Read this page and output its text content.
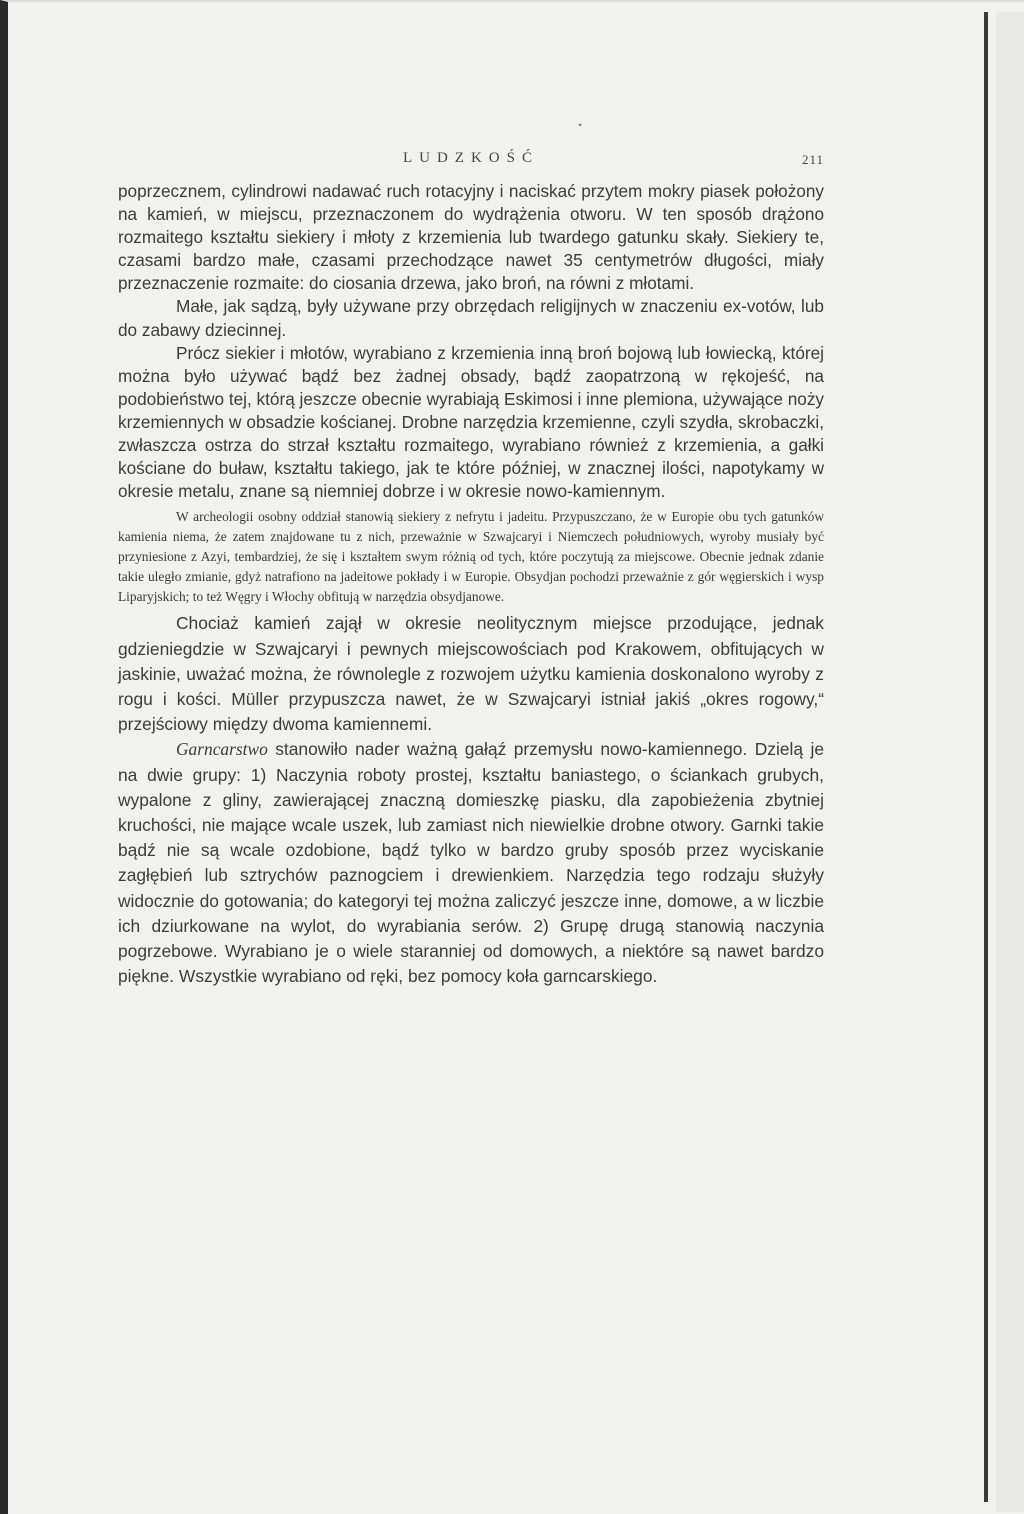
•
LUDZKOŚĆ	211

poprzecznem, cylindrowi nadawać ruch rotacyjny i naciskać przytem mokry piasek położony na kamień, w miejscu, przeznaczonem do wydrążenia otworu. W ten sposób drążono rozmaitego kształtu siekiery i młoty z krzemienia lub twardego gatunku skały. Siekiery te, czasami bardzo małe, czasami przechodzące nawet 35 centymetrów długości, miały przeznaczenie rozmaite: do ciosania drzewa, jako broń, na równi z młotami.

Małe, jak sądzą, były używane przy obrzędach religijnych w znaczeniu ex-votów, lub do zabawy dziecinnej.

Prócz siekier i młotów, wyrabiano z krzemienia inną broń bojową lub łowiecką, której można było używać bądź bez żadnej obsady, bądź zaopatrzoną w rękojeść, na podobieństwo tej, którą jeszcze obecnie wyrabiają Eskimosi i inne plemiona, używające noży krzemiennych w obsadzie kościanej. Drobne narzędzia krzemienne, czyli szydła, skrobaczki, zwłaszcza ostrza do strzał kształtu rozmaitego, wyrabiano również z krzemienia, a gałki kościane do buław, kształtu takiego, jak te które później, w znacznej ilości, napotykamy w okresie metalu, znane są niemniej dobrze i w okresie nowo-kamiennym.

W archeologii osobny oddział stanowią siekiery z nefrytu i jadeitu. Przypuszczano, że w Europie obu tych gatunków kamienia niema, że zatem znajdowane tu z nich, przeważnie w Szwajcaryi i Niemczech południowych, wyroby musiały być przyniesione z Azyi, tembardziej, że się i kształtem swym różnią od tych, które poczytują za miejscowe. Obecnie jednak zdanie takie uległo zmianie, gdyż natrafiono na jadeitowe pokłady i w Europie. Obsydjan pochodzi przeważnie z gór węgierskich i wysp Liparyjskich; to też Węgry i Włochy obfitują w narzędzia obsydjanowe.

Chociaż kamień zajął w okresie neolitycznym miejsce przodujące, jednak gdzieniegdzie w Szwajcaryi i pewnych miejscowościach pod Krakowem, obfitujących w jaskinie, uważać można, że równolegle z rozwojem użytku kamienia doskonalono wyroby z rogu i kości. Müller przypuszcza nawet, że w Szwajcaryi istniał jakiś „okres rogowy,“ przejściowy między dwoma kamiennemi.

Garncarstwo stanowiło nader ważną gałąź przemysłu nowo-kamiennego. Dzielą je na dwie grupy: 1) Naczynia roboty prostej, kształtu baniastego, o ściankach grubych, wypalone z gliny, zawierającej znaczną domieszkę piasku, dla zapobieżenia zbytniej kruchości, nie mające wcale uszek, lub zamiast nich niewielkie drobne otwory. Garnki takie bądź nie są wcale ozdobione, bądź tylko w bardzo gruby sposób przez wyciskanie zagłębień lub sztrychów paznogciem i drewienkiem. Narzędzia tego rodzaju służyły widocznie do gotowania; do kategoryi tej można zaliczyć jeszcze inne, domowe, a w liczbie ich dziurkowane na wylot, do wyrabiania serów. 2) Grupę drugą stanowią naczynia pogrzebowe. Wyrabiano je o wiele staranniej od domowych, a niektóre są nawet bardzo piękne. Wszystkie wyrabiano od ręki, bez pomocy koła garncarskiego.
